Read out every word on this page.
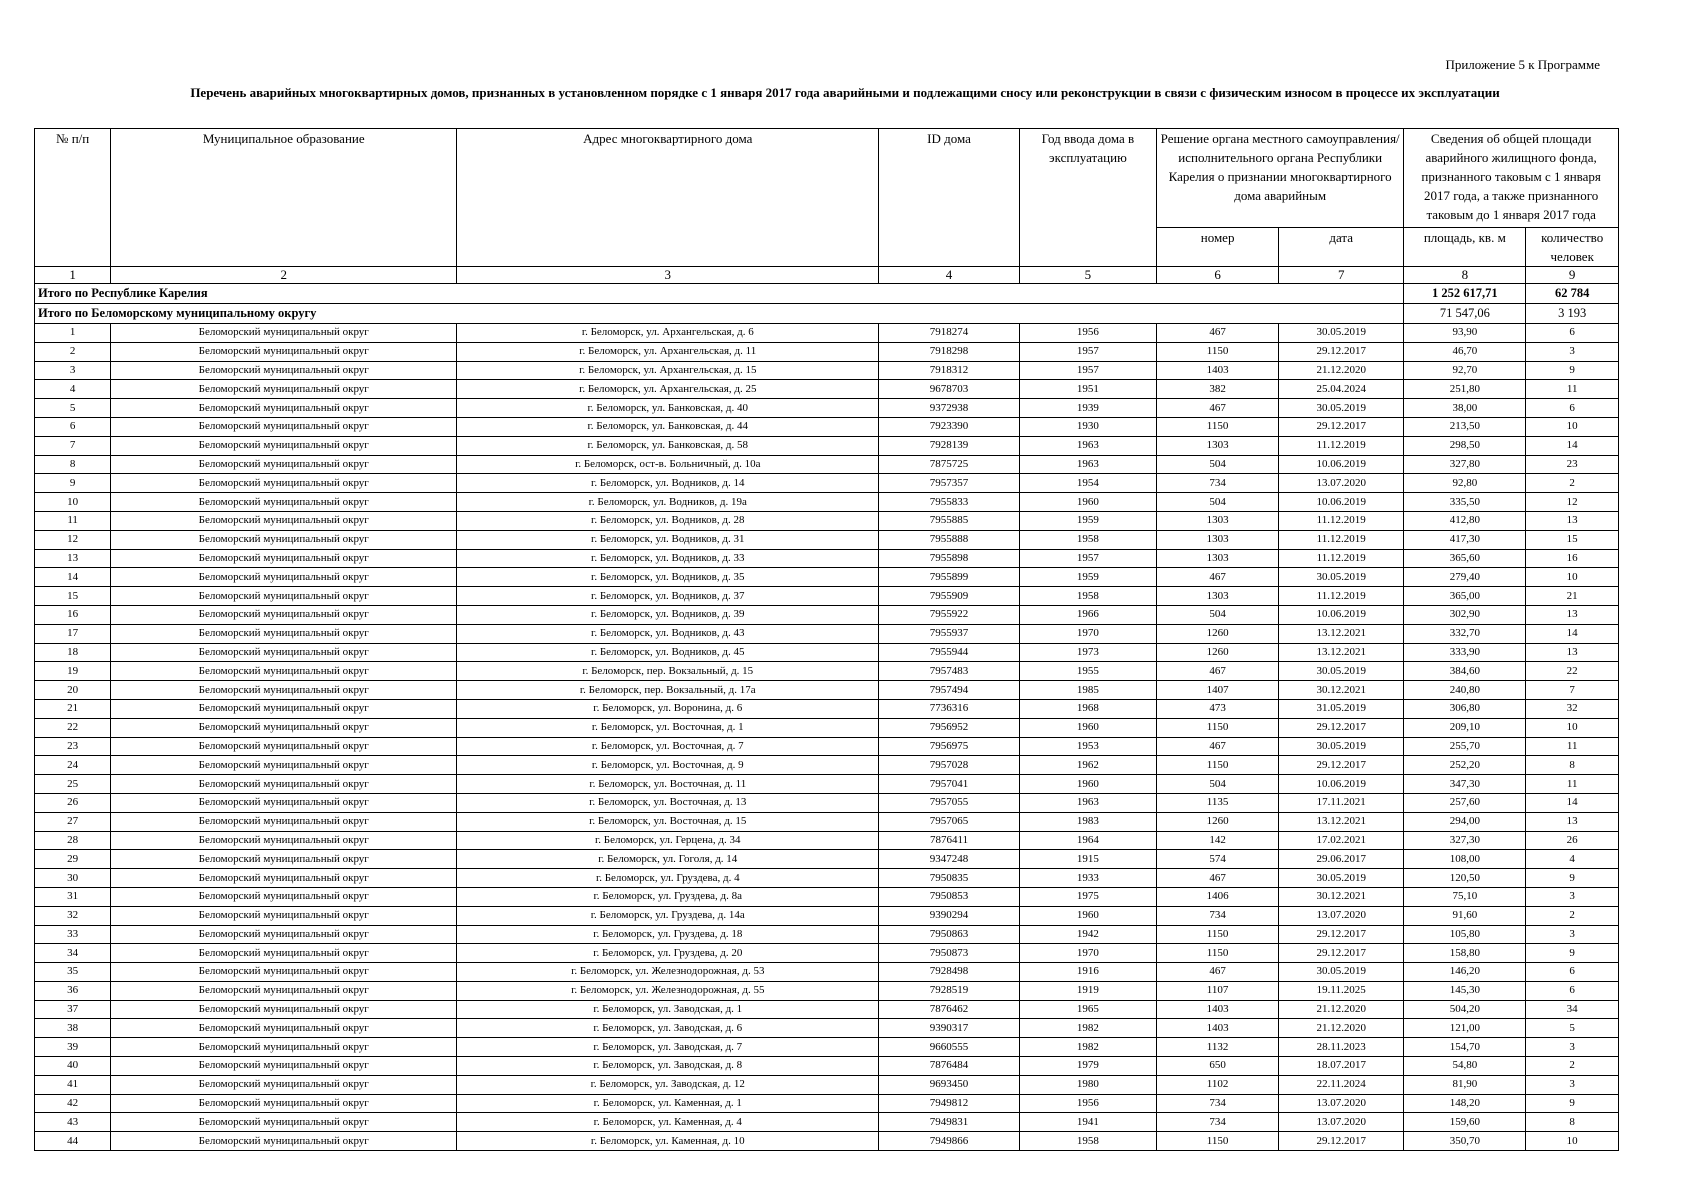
Приложение 5 к Программе
Перечень аварийных многоквартирных домов, признанных в установленном порядке с 1 января 2017 года аварийными и подлежащими сносу или реконструкции в связи с физическим износом в процессе их эксплуатации
№ п/п	Муниципальное образование	Адрес многоквартирного дома	ID дома	Год ввода дома в эксплуатацию	Решение органа местного самоуправления/исполнительного органа Республики Карелия о признании многоквартирного дома аварийным		Сведения об общей площади аварийного жилищного фонда, признанного таковым с 1 января 2017 года, а также признанного таковым до 1 января 2017 года	
					номер	дата	площадь, кв. м	количество человек
1	2	3	4	5	6	7	8	9
Итого по Республике Карелия							1 252 617,71	62 784
Итого по Беломорскому муниципальному округу							71 547,06	3 193
1	Беломорский муниципальный округ	г. Беломорск, ул. Архангельская, д. 6	7918274	1956	467	30.05.2019	93,90	6
2	Беломорский муниципальный округ	г. Беломорск, ул. Архангельская, д. 11	7918298	1957	1150	29.12.2017	46,70	3
3	Беломорский муниципальный округ	г. Беломорск, ул. Архангельская, д. 15	7918312	1957	1403	21.12.2020	92,70	9
4	Беломорский муниципальный округ	г. Беломорск, ул. Архангельская, д. 25	9678703	1951	382	25.04.2024	251,80	11
5	Беломорский муниципальный округ	г. Беломорск, ул. Банковская, д. 40	9372938	1939	467	30.05.2019	38,00	6
6	Беломорский муниципальный округ	г. Беломорск, ул. Банковская, д. 44	7923390	1930	1150	29.12.2017	213,50	10
7	Беломорский муниципальный округ	г. Беломорск, ул. Банковская, д. 58	7928139	1963	1303	11.12.2019	298,50	14
8	Беломорский муниципальный округ	г. Беломорск, ост-в. Больничный, д. 10а	7875725	1963	504	10.06.2019	327,80	23
9	Беломорский муниципальный округ	г. Беломорск, ул. Водников, д. 14	7957357	1954	734	13.07.2020	92,80	2
10	Беломорский муниципальный округ	г. Беломорск, ул. Водников, д. 19а	7955833	1960	504	10.06.2019	335,50	12
11	Беломорский муниципальный округ	г. Беломорск, ул. Водников, д. 28	7955885	1959	1303	11.12.2019	412,80	13
12	Беломорский муниципальный округ	г. Беломорск, ул. Водников, д. 31	7955888	1958	1303	11.12.2019	417,30	15
13	Беломорский муниципальный округ	г. Беломорск, ул. Водников, д. 33	7955898	1957	1303	11.12.2019	365,60	16
14	Беломорский муниципальный округ	г. Беломорск, ул. Водников, д. 35	7955899	1959	467	30.05.2019	279,40	10
15	Беломорский муниципальный округ	г. Беломорск, ул. Водников, д. 37	7955909	1958	1303	11.12.2019	365,00	21
16	Беломорский муниципальный округ	г. Беломорск, ул. Водников, д. 39	7955922	1966	504	10.06.2019	302,90	13
17	Беломорский муниципальный округ	г. Беломорск, ул. Водников, д. 43	7955937	1970	1260	13.12.2021	332,70	14
18	Беломорский муниципальный округ	г. Беломорск, ул. Водников, д. 45	7955944	1973	1260	13.12.2021	333,90	13
19	Беломорский муниципальный округ	г. Беломорск, пер. Вокзальный, д. 15	7957483	1955	467	30.05.2019	384,60	22
20	Беломорский муниципальный округ	г. Беломорск, пер. Вокзальный, д. 17а	7957494	1985	1407	30.12.2021	240,80	7
21	Беломорский муниципальный округ	г. Беломорск, ул. Воронина, д. 6	7736316	1968	473	31.05.2019	306,80	32
22	Беломорский муниципальный округ	г. Беломорск, ул. Восточная, д. 1	7956952	1960	1150	29.12.2017	209,10	10
23	Беломорский муниципальный округ	г. Беломорск, ул. Восточная, д. 7	7956975	1953	467	30.05.2019	255,70	11
24	Беломорский муниципальный округ	г. Беломорск, ул. Восточная, д. 9	7957028	1962	1150	29.12.2017	252,20	8
25	Беломорский муниципальный округ	г. Беломорск, ул. Восточная, д. 11	7957041	1960	504	10.06.2019	347,30	11
26	Беломорский муниципальный округ	г. Беломорск, ул. Восточная, д. 13	7957055	1963	1135	17.11.2021	257,60	14
27	Беломорский муниципальный округ	г. Беломорск, ул. Восточная, д. 15	7957065	1983	1260	13.12.2021	294,00	13
28	Беломорский муниципальный округ	г. Беломорск, ул. Герцена, д. 34	7876411	1964	142	17.02.2021	327,30	26
29	Беломорский муниципальный округ	г. Беломорск, ул. Гоголя, д. 14	9347248	1915	574	29.06.2017	108,00	4
30	Беломорский муниципальный округ	г. Беломорск, ул. Груздева, д. 4	7950835	1933	467	30.05.2019	120,50	9
31	Беломорский муниципальный округ	г. Беломорск, ул. Груздева, д. 8а	7950853	1975	1406	30.12.2021	75,10	3
32	Беломорский муниципальный округ	г. Беломорск, ул. Груздева, д. 14а	9390294	1960	734	13.07.2020	91,60	2
33	Беломорский муниципальный округ	г. Беломорск, ул. Груздева, д. 18	7950863	1942	1150	29.12.2017	105,80	3
34	Беломорский муниципальный округ	г. Беломорск, ул. Груздева, д. 20	7950873	1970	1150	29.12.2017	158,80	9
35	Беломорский муниципальный округ	г. Беломорск, ул. Железнодорожная, д. 53	7928498	1916	467	30.05.2019	146,20	6
36	Беломорский муниципальный округ	г. Беломорск, ул. Железнодорожная, д. 55	7928519	1919	1107	19.11.2025	145,30	6
37	Беломорский муниципальный округ	г. Беломорск, ул. Заводская, д. 1	7876462	1965	1403	21.12.2020	504,20	34
38	Беломорский муниципальный округ	г. Беломорск, ул. Заводская, д. 6	9390317	1982	1403	21.12.2020	121,00	5
39	Беломорский муниципальный округ	г. Беломорск, ул. Заводская, д. 7	9660555	1982	1132	28.11.2023	154,70	3
40	Беломорский муниципальный округ	г. Беломорск, ул. Заводская, д. 8	7876484	1979	650	18.07.2017	54,80	2
41	Беломорский муниципальный округ	г. Беломорск, ул. Заводская, д. 12	9693450	1980	1102	22.11.2024	81,90	3
42	Беломорский муниципальный округ	г. Беломорск, ул. Каменная, д. 1	7949812	1956	734	13.07.2020	148,20	9
43	Беломорский муниципальный округ	г. Беломорск, ул. Каменная, д. 4	7949831	1941	734	13.07.2020	159,60	8
44	Беломорский муниципальный округ	г. Беломорск, ул. Каменная, д. 10	7949866	1958	1150	29.12.2017	350,70	10
